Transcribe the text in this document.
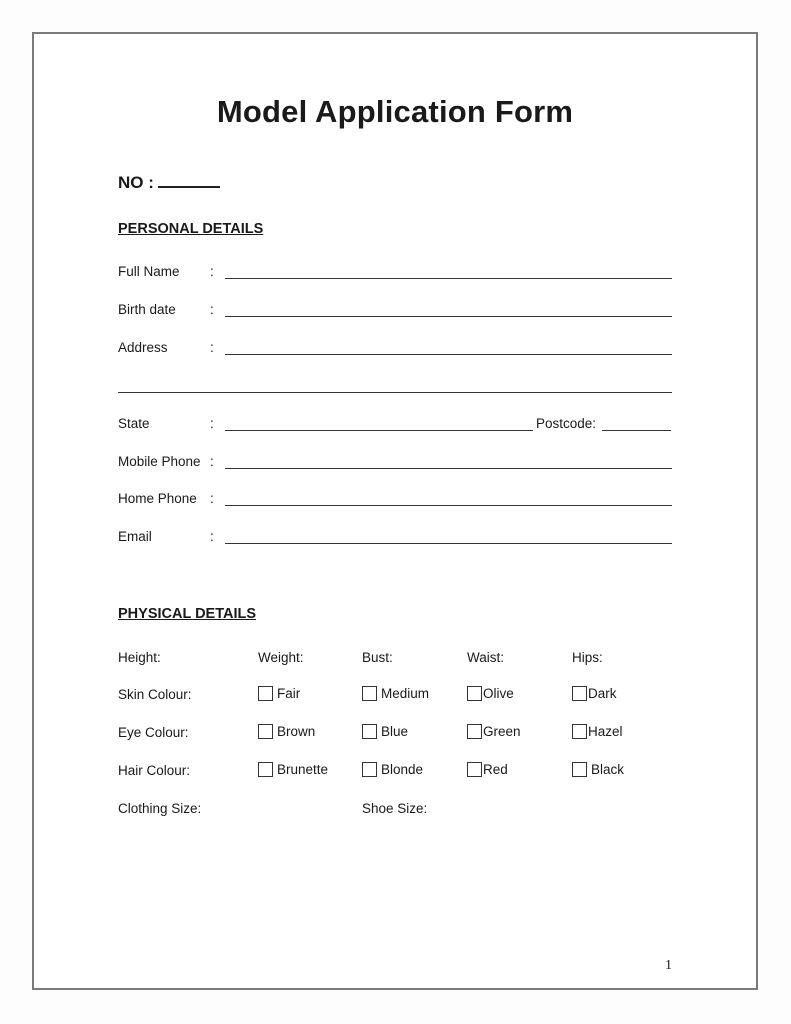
Model Application Form
NO :
PERSONAL DETAILS
Full Name :
Birth date	:
Address	:
State	:	Postcode:
Mobile Phone :
Home Phone :
Email	:
PHYSICAL DETAILS
Height:	Weight:	Bust:	Waist:	Hips:
Skin Colour:	Fair	Medium	Olive	Dark
Eye Colour:	Brown	Blue	Green	Hazel
Hair Colour:	Brunette	Blonde	Red	Black
Clothing Size:	Shoe Size:
1
